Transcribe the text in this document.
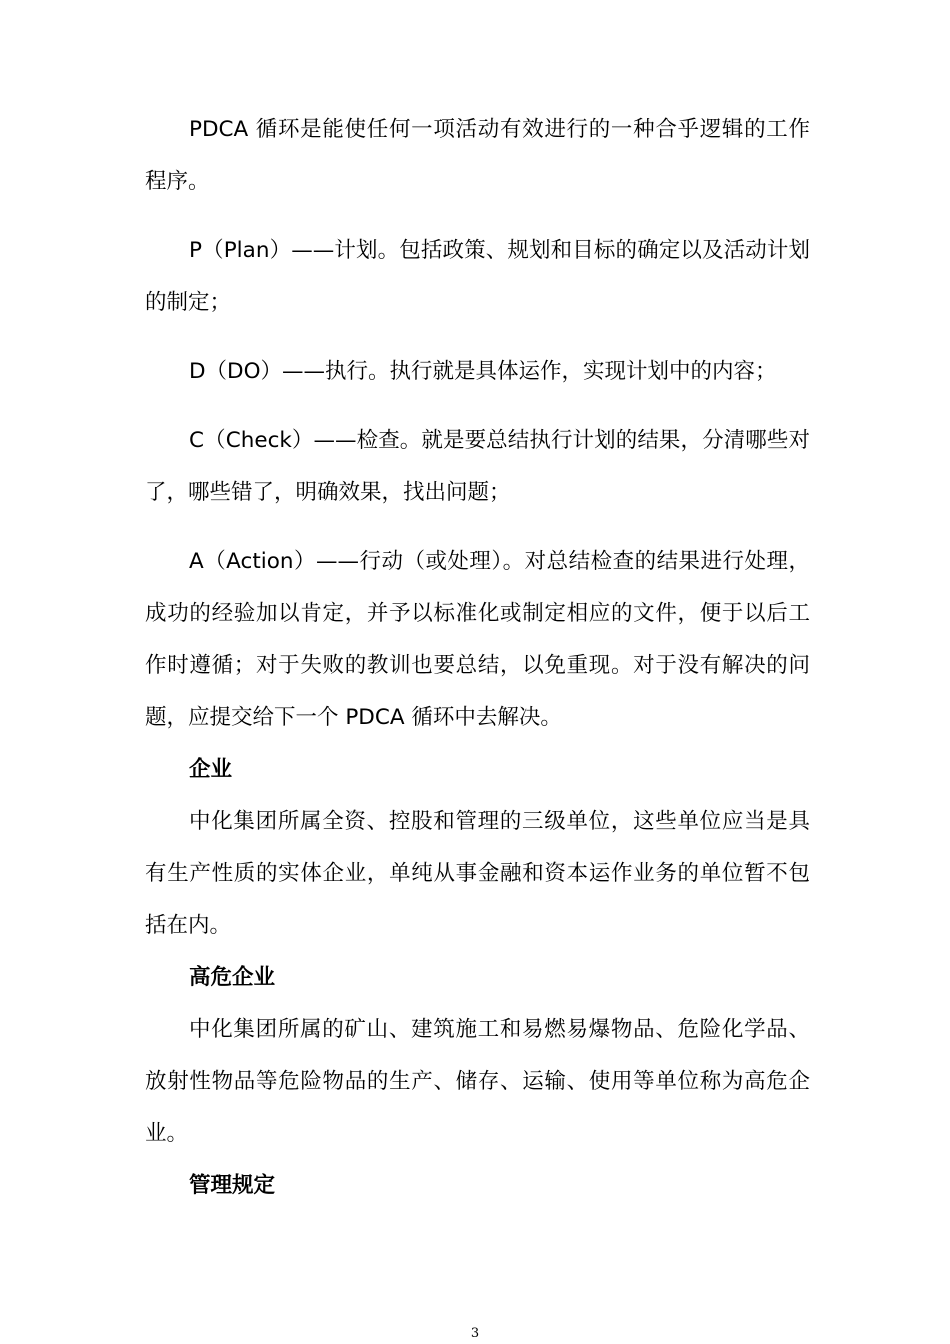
PDCA 循环是能使任何一项活动有效进行的一种合乎逻辑的工作程序。

P（Plan）——计划。包括政策、规划和目标的确定以及活动计划的制定；

D（DO）——执行。执行就是具体运作，实现计划中的内容；

C（Check）——检查。就是要总结执行计划的结果，分清哪些对了，哪些错了，明确效果，找出问题；

A（Action）——行动（或处理）。对总结检查的结果进行处理，成功的经验加以肯定，并予以标准化或制定相应的文件，便于以后工作时遵循；对于失败的教训也要总结，以免重现。对于没有解决的问题，应提交给下一个 PDCA 循环中去解决。

企业

中化集团所属全资、控股和管理的三级单位，这些单位应当是具有生产性质的实体企业，单纯从事金融和资本运作业务的单位暂不包括在内。

高危企业

中化集团所属的矿山、建筑施工和易燃易爆物品、危险化学品、放射性物品等危险物品的生产、储存、运输、使用等单位称为高危企业。

管理规定

3
